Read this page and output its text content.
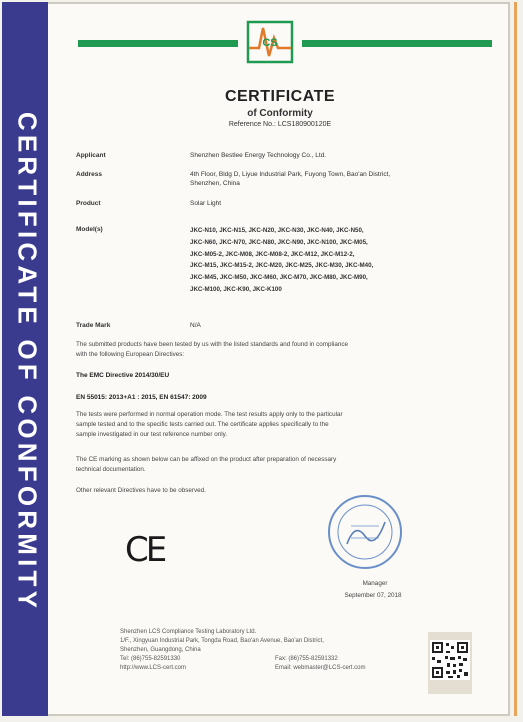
CERTIFICATE OF CONFORMITY
CS
CERTIFICATE
of Conformity
Reference No.: LCS180900120E
Applicant	Shenzhen Bestlee Energy Technology Co., Ltd.
Address	4th Floor, Bldg D, Liyue Industrial Park, Fuyong Town, Bao'an District, Shenzhen, China
Product	Solar Light
Model(s)	JKC-N10, JKC-N15, JKC-N20, JKC-N30, JKC-N40, JKC-N50,
JKC-N60, JKC-N70, JKC-N80, JKC-N90, JKC-N100, JKC-M05,
JKC-M05-2, JKC-M08, JKC-M08-2, JKC-M12, JKC-M12-2,
JKC-M15, JKC-M15-2, JKC-M20, JKC-M25, JKC-M30, JKC-M40,
JKC-M45, JKC-M50, JKC-M60, JKC-M70, JKC-M80, JKC-M90,
JKC-M100, JKC-K90, JKC-K100
Trade Mark	N/A
The submitted products have been tested by us with the listed standards and found in compliance
with the following European Directives:
The EMC Directive 2014/30/EU
EN 55015: 2013+A1 : 2015, EN 61547: 2009
The tests were performed in normal operation mode. The test results apply only to the particular
sample tested and to the specific tests carried out. The certificate applies specifically to the
sample investigated in our test reference number only.
The CE marking as shown below can be affixed on the product after preparation of necessary
technical documentation.
Other relevant Directives have to be observed.
CE
Manager
September 07, 2018
Shenzhen LCS Compliance Testing Laboratory Ltd.
1/F., Xingyuan Industrial Park, Tongda Road, Bao'an Avenue, Bao'an District,
Shenzhen, Guangdong, China
Tel: (86)755-82591330	Fax: (86)755-82591332
http://www.LCS-cert.com	Email: webmaster@LCS-cert.com
